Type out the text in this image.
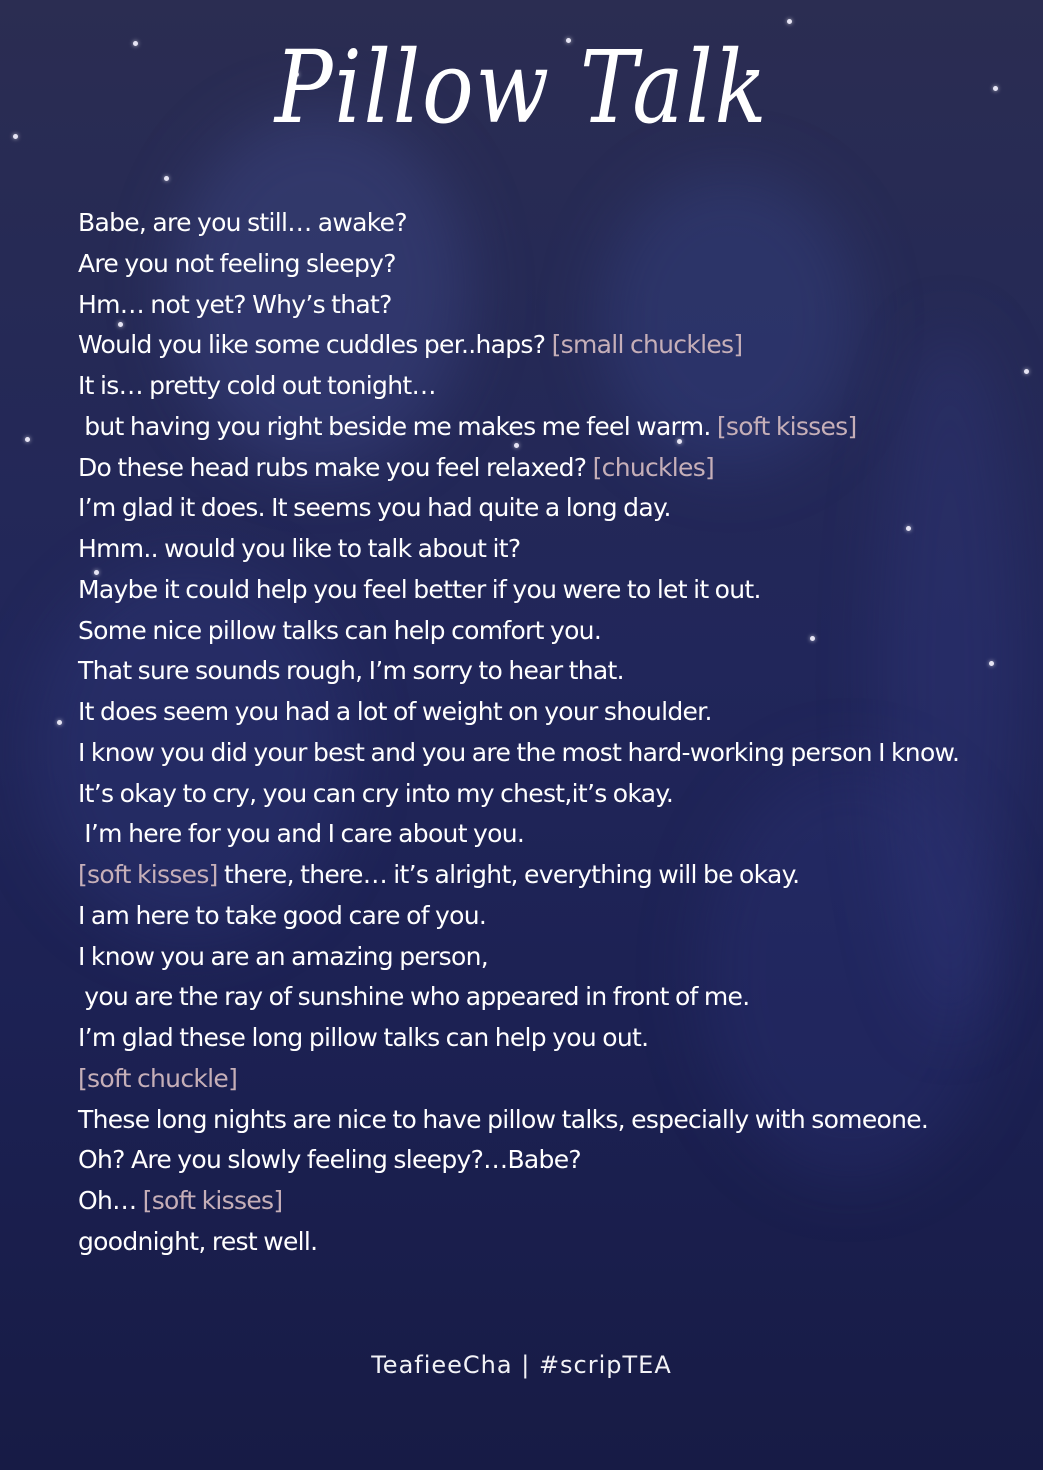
Pillow Talk
Babe, are you still… awake?
Are you not feeling sleepy?
Hm… not yet? Why’s that?
Would you like some cuddles per..haps? [small chuckles]
It is… pretty cold out tonight…
but having you right beside me makes me feel warm. [soft kisses]
Do these head rubs make you feel relaxed? [chuckles]
I’m glad it does. It seems you had quite a long day.
Hmm.. would you like to talk about it?
Maybe it could help you feel better if you were to let it out.
Some nice pillow talks can help comfort you.
That sure sounds rough, I’m sorry to hear that.
It does seem you had a lot of weight on your shoulder.
I know you did your best and you are the most hard-working person I know.
It’s okay to cry, you can cry into my chest,it’s okay.
I’m here for you and I care about you.
[soft kisses] there, there… it’s alright, everything will be okay.
I am here to take good care of you.
I know you are an amazing person,
you are the ray of sunshine who appeared in front of me.
I’m glad these long pillow talks can help you out.
[soft chuckle]
These long nights are nice to have pillow talks, especially with someone.
Oh? Are you slowly feeling sleepy?…Babe?
Oh… [soft kisses]
goodnight, rest well.
TeafieeCha | #scripTEA
